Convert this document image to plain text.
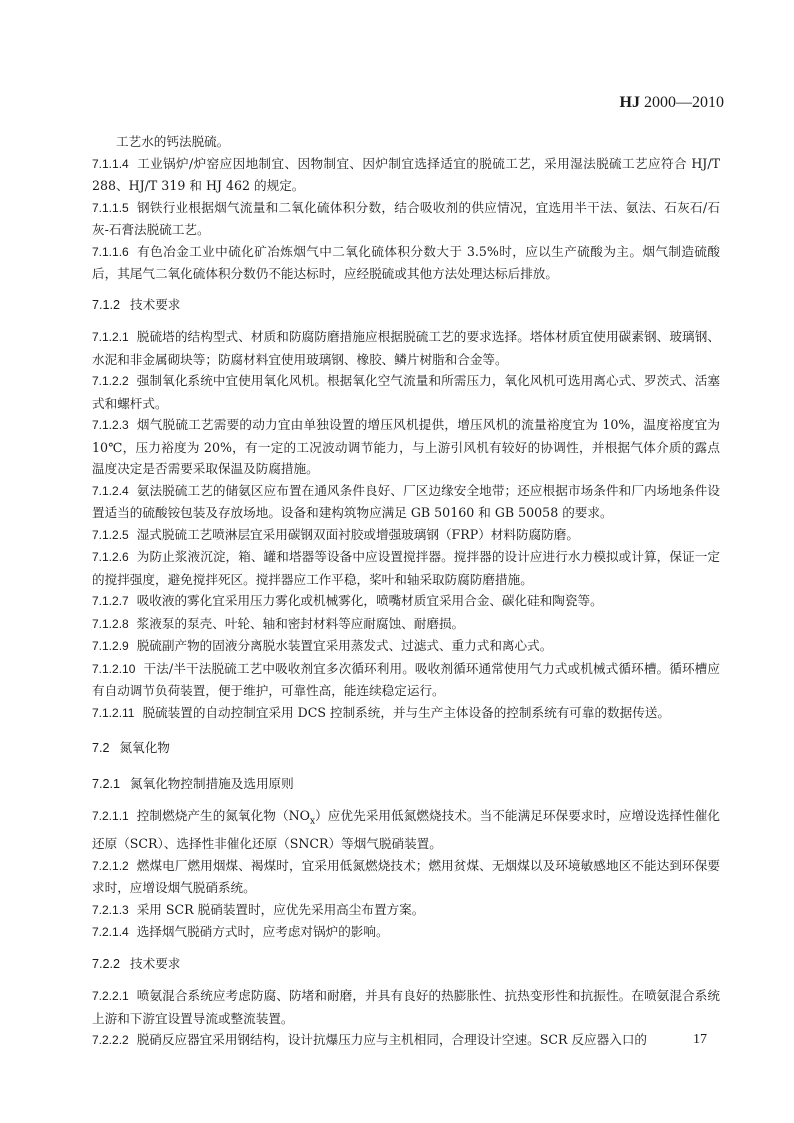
HJ 2000—2010

工艺水的钙法脱硫。

7.1.1.4 工业锅炉/炉窑应因地制宜、因物制宜、因炉制宜选择适宜的脱硫工艺，采用湿法脱硫工艺应符合 HJ/T 288、HJ/T 319 和 HJ 462 的规定。

7.1.1.5 钢铁行业根据烟气流量和二氧化硫体积分数，结合吸收剂的供应情况，宜选用半干法、氨法、石灰石/石灰-石膏法脱硫工艺。

7.1.1.6 有色冶金工业中硫化矿冶炼烟气中二氧化硫体积分数大于 3.5%时，应以生产硫酸为主。烟气制造硫酸后，其尾气二氧化硫体积分数仍不能达标时，应经脱硫或其他方法处理达标后排放。

7.1.2 技术要求

7.1.2.1 脱硫塔的结构型式、材质和防腐防磨措施应根据脱硫工艺的要求选择。塔体材质宜使用碳素钢、玻璃钢、水泥和非金属砌块等；防腐材料宜使用玻璃钢、橡胶、鳞片树脂和合金等。

7.1.2.2 强制氧化系统中宜使用氧化风机。根据氧化空气流量和所需压力，氧化风机可选用离心式、罗茨式、活塞式和螺杆式。

7.1.2.3 烟气脱硫工艺需要的动力宜由单独设置的增压风机提供，增压风机的流量裕度宜为 10%，温度裕度宜为 10℃，压力裕度为 20%，有一定的工况波动调节能力，与上游引风机有较好的协调性，并根据气体介质的露点温度决定是否需要采取保温及防腐措施。

7.1.2.4 氨法脱硫工艺的储氨区应布置在通风条件良好、厂区边缘安全地带；还应根据市场条件和厂内场地条件设置适当的硫酸铵包装及存放场地。设备和建构筑物应满足 GB 50160 和 GB 50058 的要求。

7.1.2.5 湿式脱硫工艺喷淋层宜采用碳钢双面衬胶或增强玻璃钢（FRP）材料防腐防磨。

7.1.2.6 为防止浆液沉淀，箱、罐和塔器等设备中应设置搅拌器。搅拌器的设计应进行水力模拟或计算，保证一定的搅拌强度，避免搅拌死区。搅拌器应工作平稳，桨叶和轴采取防腐防磨措施。

7.1.2.7 吸收液的雾化宜采用压力雾化或机械雾化，喷嘴材质宜采用合金、碳化硅和陶瓷等。

7.1.2.8 浆液泵的泵壳、叶轮、轴和密封材料等应耐腐蚀、耐磨损。

7.1.2.9 脱硫副产物的固液分离脱水装置宜采用蒸发式、过滤式、重力式和离心式。

7.1.2.10 干法/半干法脱硫工艺中吸收剂宜多次循环利用。吸收剂循环通常使用气力式或机械式循环槽。循环槽应有自动调节负荷装置，便于维护，可靠性高，能连续稳定运行。

7.1.2.11 脱硫装置的自动控制宜采用 DCS 控制系统，并与生产主体设备的控制系统有可靠的数据传送。

7.2 氮氧化物
7.2.1 氮氧化物控制措施及选用原则

7.2.1.1 控制燃烧产生的氮氧化物$(NO_x)$应优先采用低氮燃烧技术。当不能满足环保要求时，应增设选择性催化还原（SCR）、选择性非催化还原（SNCR）等烟气脱硝装置。

7.2.1.2 燃煤电厂燃用烟煤、褐煤时，宜采用低氮燃烧技术；燃用贫煤、无烟煤以及环境敏感地区不能达到环保要求时，应增设烟气脱硝系统。

7.2.1.3 采用 SCR 脱硝装置时，应优先采用高尘布置方案。

7.2.1.4 选择烟气脱硝方式时，应考虑对锅炉的影响。

7.2.2 技术要求

7.2.2.1 喷氨混合系统应考虑防腐、防堵和耐磨，并具有良好的热膨胀性、抗热变形性和抗振性。在喷氨混合系统上游和下游宜设置导流或整流装置。

7.2.2.2 脱硝反应器宜采用钢结构，设计抗爆压力应与主机相同，合理设计空速。SCR 反应器入口的	17
